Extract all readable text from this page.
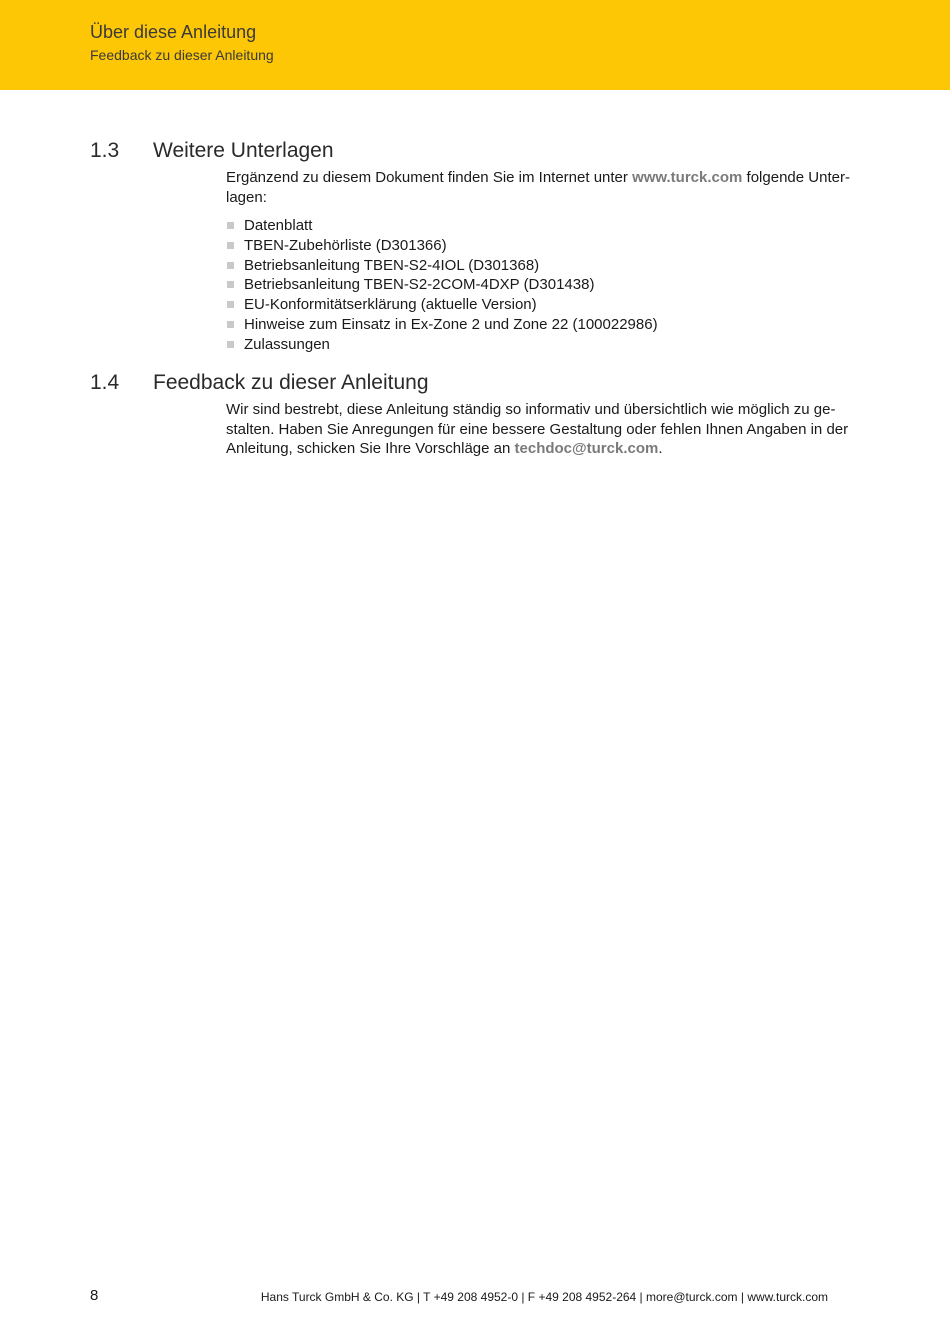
Über diese Anleitung
Feedback zu dieser Anleitung
1.3 Weitere Unterlagen

Ergänzend zu diesem Dokument finden Sie im Internet unter www.turck.com folgende Unter-
lagen:

Datenblatt
TBEN-Zubehörliste (D301366)
Betriebsanleitung TBEN-S2-4IOL (D301368)
Betriebsanleitung TBEN-S2-2COM-4DXP (D301438)
EU-Konformitätserklärung (aktuelle Version)
Hinweise zum Einsatz in Ex-Zone 2 und Zone 22 (100022986)
Zulassungen
1.4 Feedback zu dieser Anleitung

Wir sind bestrebt, diese Anleitung ständig so informativ und übersichtlich wie möglich zu ge-
stalten. Haben Sie Anregungen für eine bessere Gestaltung oder fehlen Ihnen Angaben in der
Anleitung, schicken Sie Ihre Vorschläge an techdoc@turck.com.

8	Hans Turck GmbH & Co. KG | T +49 208 4952-0 | F +49 208 4952-264 | more@turck.com | www.turck.com
